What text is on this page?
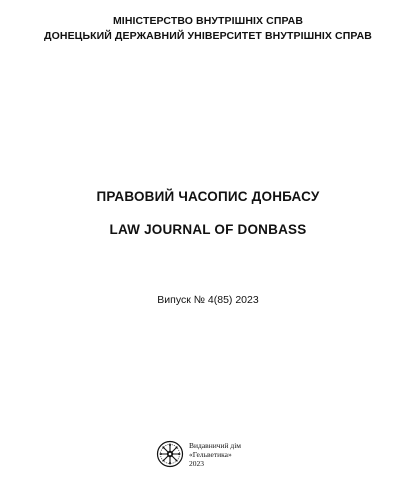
МІНІСТЕРСТВО ВНУТРІШНІХ СПРАВ
ДОНЕЦЬКИЙ ДЕРЖАВНИЙ УНІВЕРСИТЕТ ВНУТРІШНІХ СПРАВ
ПРАВОВИЙ ЧАСОПИС ДОНБАСУ
LAW JOURNAL OF DONBASS
Випуск № 4(85) 2023
Видавничий дім
«Гельветика»
2023
